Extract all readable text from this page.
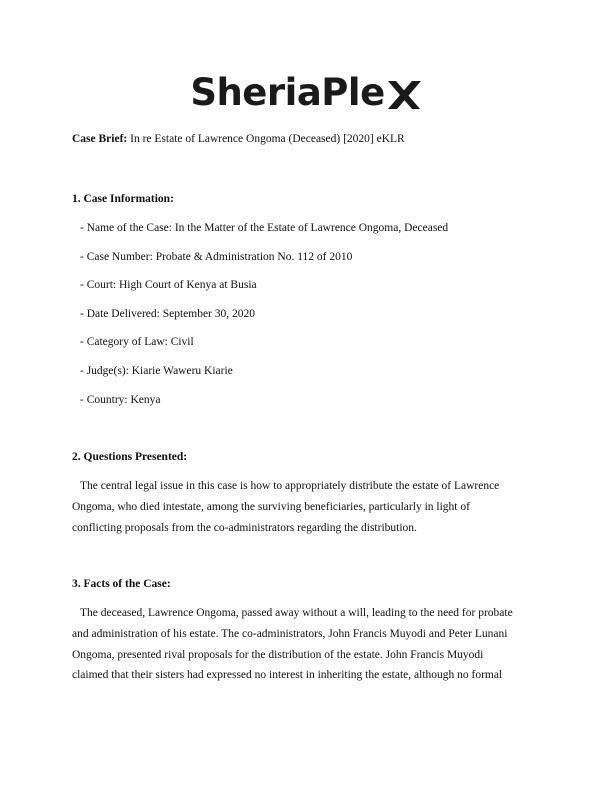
SheriaPle
Case Brief: In re Estate of Lawrence Ongoma (Deceased) [2020] eKLR
1. Case Information:
- Name of the Case: In the Matter of the Estate of Lawrence Ongoma, Deceased
- Case Number: Probate & Administration No. 112 of 2010
- Court: High Court of Kenya at Busia
- Date Delivered: September 30, 2020
- Category of Law: Civil
- Judge(s): Kiarie Waweru Kiarie
- Country: Kenya
2. Questions Presented:
The central legal issue in this case is how to appropriately distribute the estate of Lawrence
Ongoma, who died intestate, among the surviving beneficiaries, particularly in light of
conflicting proposals from the co-administrators regarding the distribution.
3. Facts of the Case:
The deceased, Lawrence Ongoma, passed away without a will, leading to the need for probate
and administration of his estate. The co-administrators, John Francis Muyodi and Peter Lunani
Ongoma, presented rival proposals for the distribution of the estate. John Francis Muyodi
claimed that their sisters had expressed no interest in inheriting the estate, although no formal
